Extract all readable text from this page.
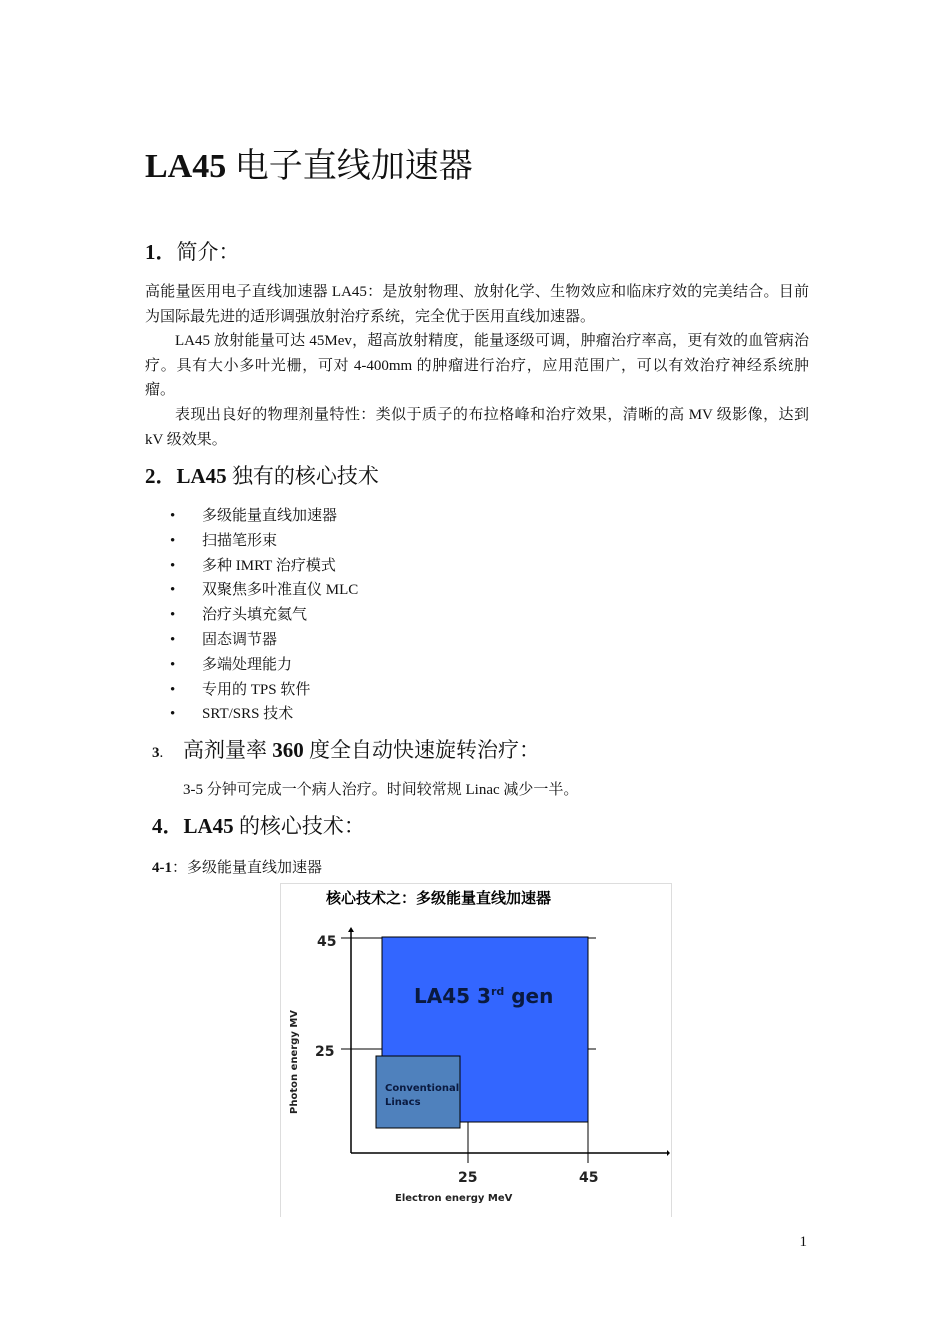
LA45 电子直线加速器
1．简介：
高能量医用电子直线加速器 LA45：是放射物理、放射化学、生物效应和临床疗效的完美结合。目前为国际最先进的适形调强放射治疗系统，完全优于医用直线加速器。
LA45 放射能量可达 45Mev，超高放射精度，能量逐级可调，肿瘤治疗率高，更有效的血管病治疗。具有大小多叶光栅，可对 4-400mm 的肿瘤进行治疗，应用范围广，可以有效治疗神经系统肿瘤。
表现出良好的物理剂量特性：类似于质子的布拉格峰和治疗效果，清晰的高 MV 级影像，达到 kV 级效果。
2．LA45 独有的核心技术
• 多级能量直线加速器
• 扫描笔形束
• 多种 IMRT 治疗模式
• 双聚焦多叶准直仪 MLC
• 治疗头填充氦气
• 固态调节器
• 多端处理能力
• 专用的 TPS 软件
• SRT/SRS 技术
3. 高剂量率 360 度全自动快速旋转治疗：
3-5 分钟可完成一个病人治疗。时间较常规 Linac 减少一半。
4．LA45 的核心技术：
4-1：多级能量直线加速器
核心技术之：多级能量直线加速器
LA45 3rd gen
Conventional
Linacs
45
25
25	45
Electron energy MeV
Photon energy MV
1
